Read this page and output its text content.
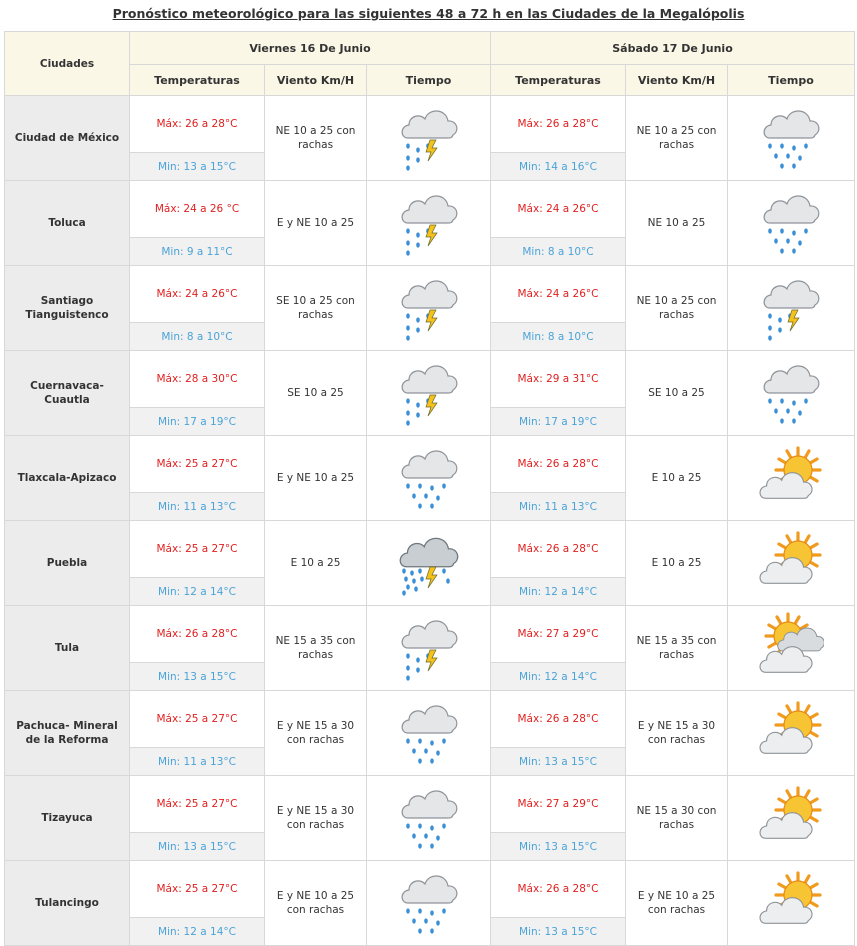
Pronóstico meteorológico para las siguientes 48 a 72 h en las Ciudades de la Megalópolis
Ciudades	Viernes 16 De Junio			Sábado 17 De Junio		
	Temperaturas	Viento Km/H	Tiempo	Temperaturas	Viento Km/H	Tiempo
Ciudad de México	Máx: 26 a 28°C	NE 10 a 25 con rachas		Máx: 26 a 28°C	NE 10 a 25 con rachas	

	Min: 13 a 15°C			Min: 14 a 16°C		
Toluca	Máx: 24 a 26 °C	E y NE 10 a 25		Máx: 24 a 26°C	NE 10 a 25	

	Min: 9 a 11°C			Min: 8 a 10°C		
Santiago Tianguistenco	Máx: 24 a 26°C	SE 10 a 25 con rachas		Máx: 24 a 26°C	NE 10 a 25 con rachas	

	Min: 8 a 10°C			Min: 8 a 10°C		
Cuernavaca-Cuautla	Máx: 28 a 30°C	SE 10 a 25		Máx: 29 a 31°C	SE 10 a 25	

	Min: 17 a 19°C			Min: 17 a 19°C		
Tlaxcala-Apizaco	Máx: 25 a 27°C	E y NE 10 a 25		Máx: 26 a 28°C	E 10 a 25	

	Min: 11 a 13°C			Min: 11 a 13°C		
Puebla	Máx: 25 a 27°C	E 10 a 25		Máx: 26 a 28°C	E 10 a 25	

	Min: 12 a 14°C			Min: 12 a 14°C		
Tula	Máx: 26 a 28°C	NE 15 a 35 con rachas		Máx: 27 a 29°C	NE 15 a 35 con rachas	

	Min: 13 a 15°C			Min: 12 a 14°C		
Pachuca- Mineral de la Reforma	Máx: 25 a 27°C	E y NE 15 a 30 con rachas		Máx: 26 a 28°C	E y NE 15 a 30 con rachas	

	Min: 11 a 13°C			Min: 13 a 15°C		
Tizayuca	Máx: 25 a 27°C	E y NE 15 a 30 con rachas		Máx: 27 a 29°C	NE 15 a 30 con rachas	

	Min: 13 a 15°C			Min: 13 a 15°C		
Tulancingo	Máx: 25 a 27°C	E y NE 10 a 25 con rachas		Máx: 26 a 28°C	E y NE 10 a 25 con rachas	

	Min: 12 a 14°C			Min: 13 a 15°C		
